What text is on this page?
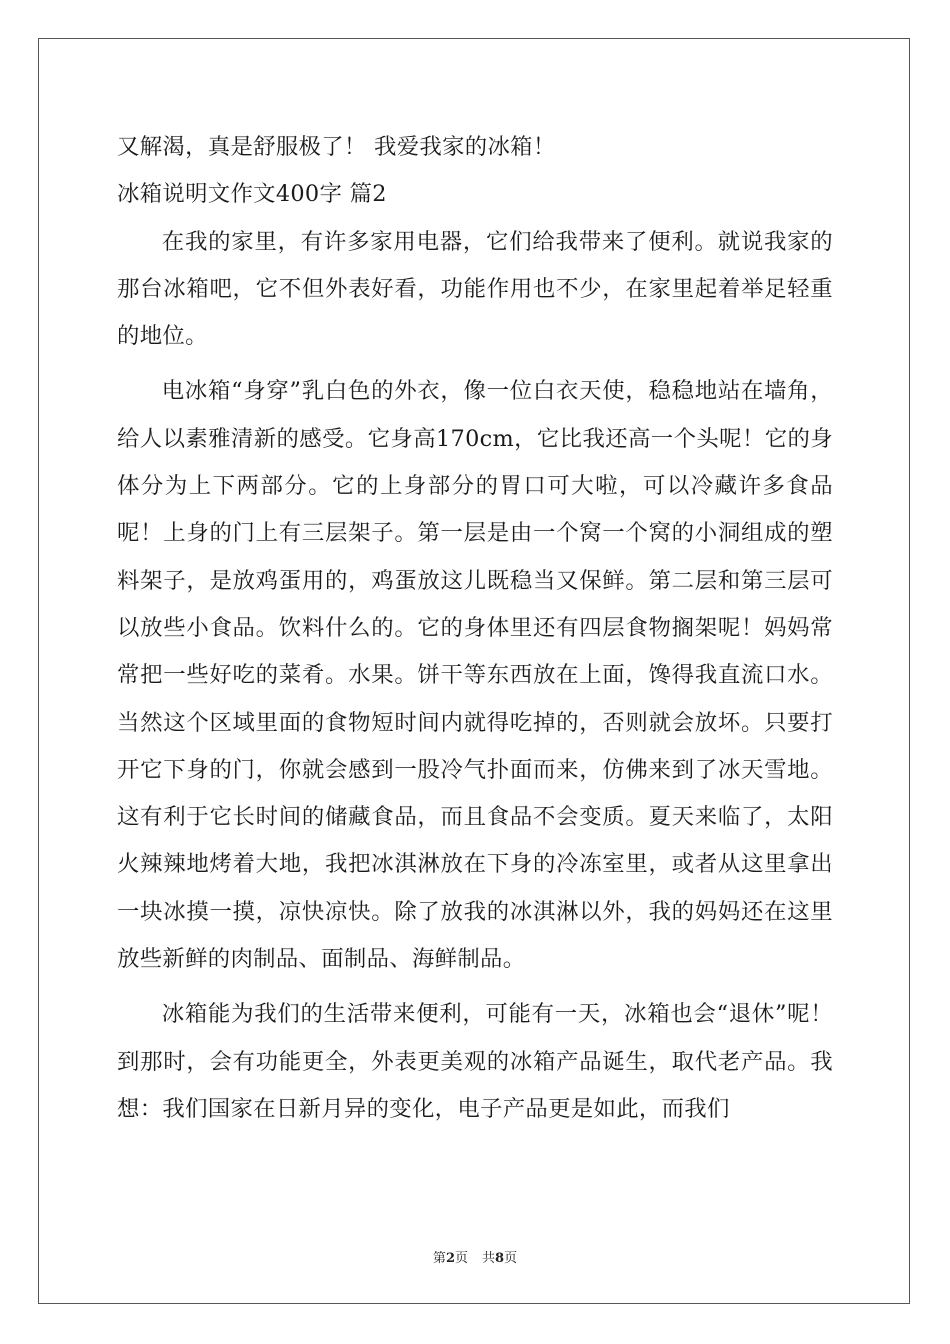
又解渴，真是舒服极了！ 我爱我家的冰箱！
冰箱说明文作文400字 篇2

在我的家里，有许多家用电器，它们给我带来了便利。就说我家的那台冰箱吧，它不但外表好看，功能作用也不少，在家里起着举足轻重的地位。

电冰箱“身穿”乳白色的外衣，像一位白衣天使，稳稳地站在墙角，给人以素雅清新的感受。它身高170cm，它比我还高一个头呢！它的身体分为上下两部分。它的上身部分的胃口可大啦，可以冷藏许多食品呢！上身的门上有三层架子。第一层是由一个窝一个窝的小洞组成的塑料架子，是放鸡蛋用的，鸡蛋放这儿既稳当又保鲜。第二层和第三层可以放些小食品。饮料什么的。它的身体里还有四层食物搁架呢！妈妈常常把一些好吃的菜肴。水果。饼干等东西放在上面，馋得我直流口水。当然这个区域里面的食物短时间内就得吃掉的，否则就会放坏。只要打开它下身的门，你就会感到一股冷气扑面而来，仿佛来到了冰天雪地。这有利于它长时间的储藏食品，而且食品不会变质。夏天来临了，太阳火辣辣地烤着大地，我把冰淇淋放在下身的冷冻室里，或者从这里拿出一块冰摸一摸，凉快凉快。除了放我的冰淇淋以外，我的妈妈还在这里放些新鲜的肉制品、面制品、海鲜制品。

冰箱能为我们的生活带来便利，可能有一天，冰箱也会“退休”呢！到那时，会有功能更全，外表更美观的冰箱产品诞生，取代老产品。我想：我们国家在日新月异的变化，电子产品更是如此，而我们

第2页 共8页
